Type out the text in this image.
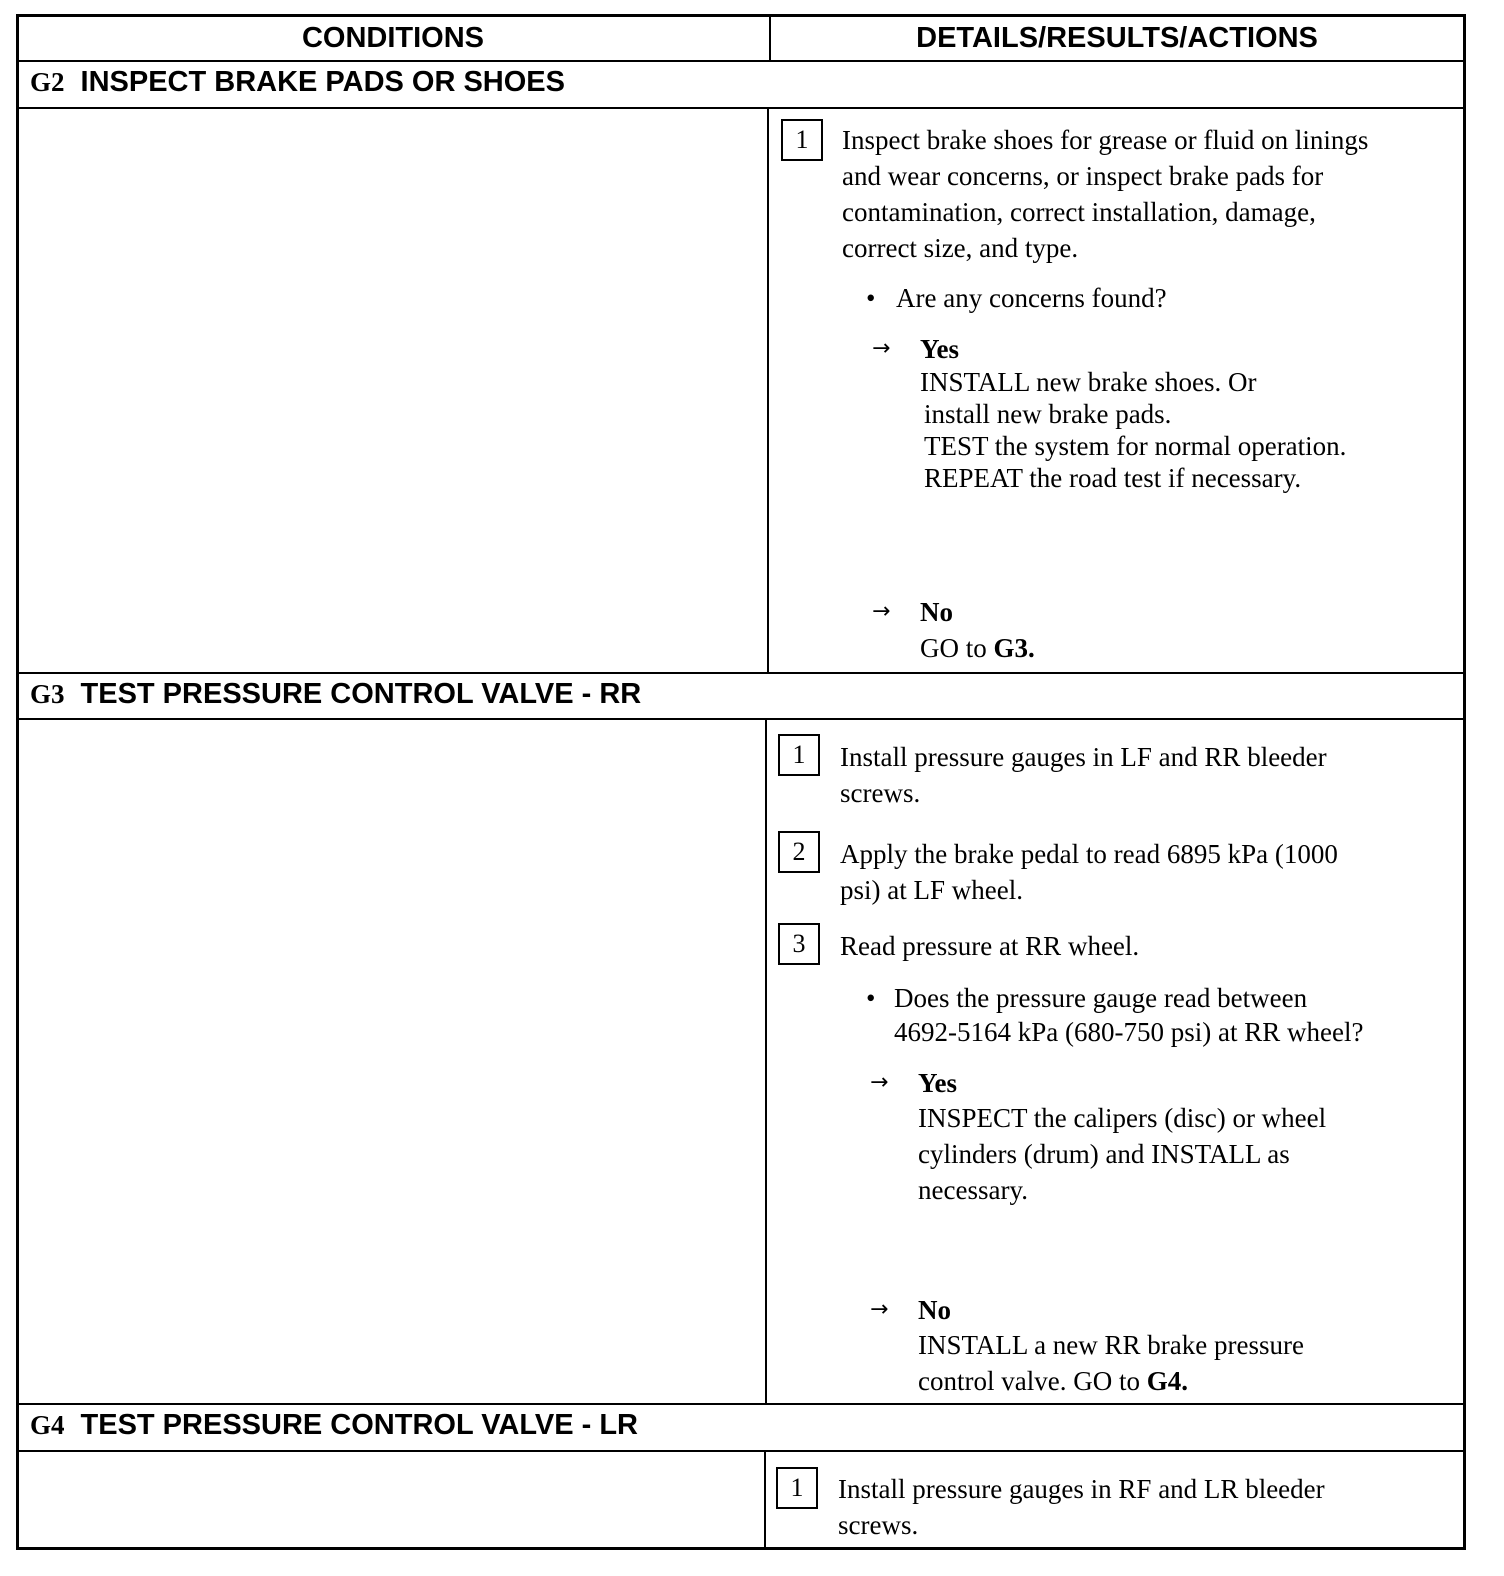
CONDITIONS	DETAILS/RESULTS/ACTIONS
G2 INSPECT BRAKE PADS OR SHOES
1	Inspect brake shoes for grease or fluid on linings
and wear concerns, or inspect brake pads for
contamination, correct installation, damage,
correct size, and type.
• Are any concerns found?
→ Yes
INSTALL new brake shoes. Or
install new brake pads.
TEST the system for normal operation.
REPEAT the road test if necessary.
→ No
GO to G3.
G3 TEST PRESSURE CONTROL VALVE - RR
1	Install pressure gauges in LF and RR bleeder
screws.
2	Apply the brake pedal to read 6895 kPa (1000
psi) at LF wheel.
3	Read pressure at RR wheel.
• Does the pressure gauge read between
4692-5164 kPa (680-750 psi) at RR wheel?
→ Yes
INSPECT the calipers (disc) or wheel
cylinders (drum) and INSTALL as
necessary.
→ No
INSTALL a new RR brake pressure
control valve. GO to G4.
G4 TEST PRESSURE CONTROL VALVE - LR
1	Install pressure gauges in RF and LR bleeder
screws.
